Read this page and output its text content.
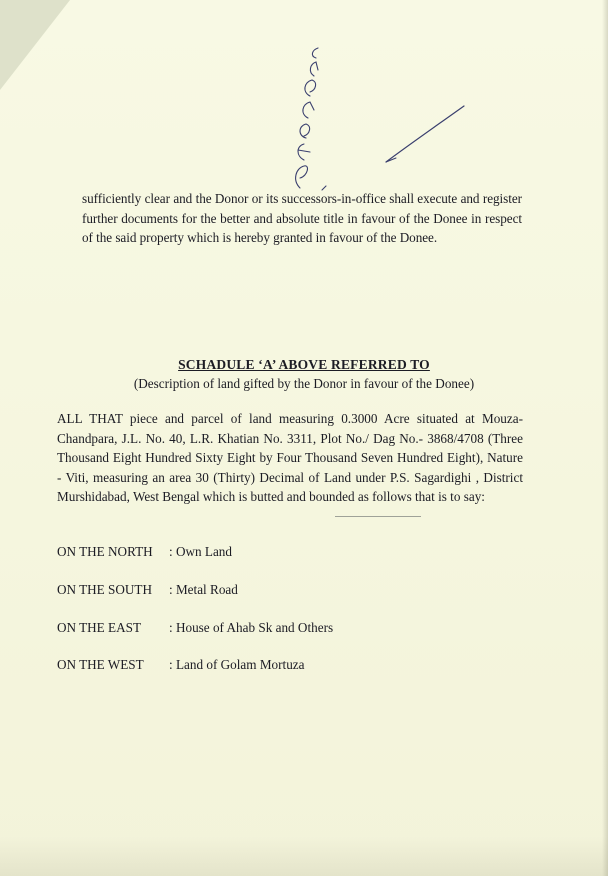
sufficiently clear and the Donor or its successors-in-office shall execute and register further documents for the better and absolute title in favour of the Donee in respect of the said property which is hereby granted in favour of the Donee.

SCHADULE ‘A’ ABOVE REFERRED TO
(Description of land gifted by the Donor in favour of the Donee)

ALL THAT piece and parcel of land measuring 0.3000 Acre situated at Mouza-Chandpara, J.L. No. 40, L.R. Khatian No. 3311, Plot No./ Dag No.- 3868/4708 (Three Thousand Eight Hundred Sixty Eight by Four Thousand Seven Hundred Eight), Nature - Viti, measuring an area 30 (Thirty) Decimal of Land under P.S. Sagardighi , District Murshidabad, West Bengal which is butted and bounded as follows that is to say:

ON THE NORTH : Own Land
ON THE SOUTH : Metal Road
ON THE EAST : House of Ahab Sk and Others
ON THE WEST : Land of Golam Mortuza
